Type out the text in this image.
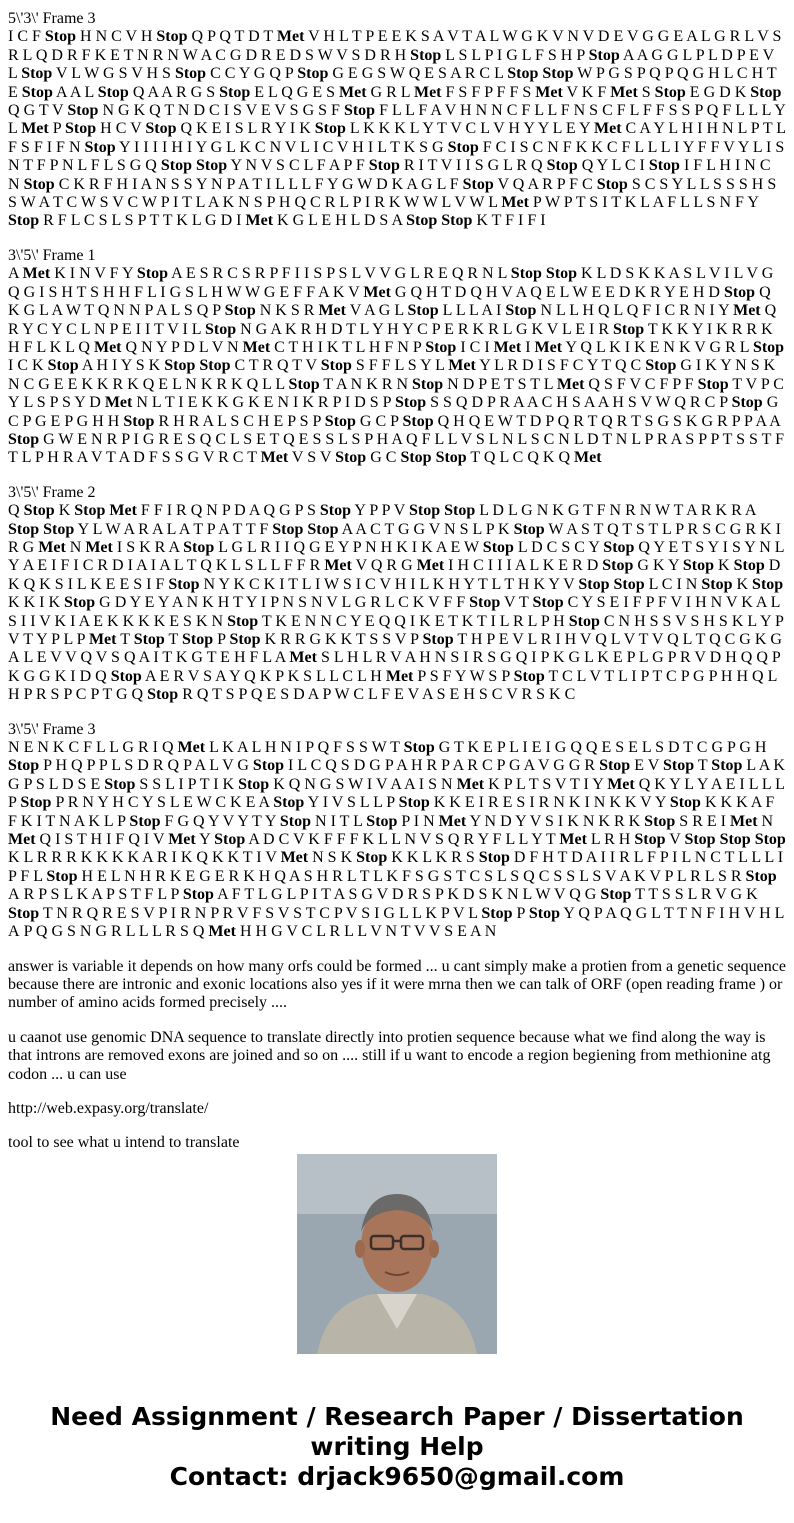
5\'3\' Frame 3
I C F Stop H N C V H Stop Q P Q T D T Met V H L T P E E K S A V T A L W G K V N V D E V G G E A L G R L V S R L Q D R F K E T N R N W A C G D R E D S W V S D R H Stop L S L P I G L F S H P Stop A A G G L P L D P E V L Stop V L W G S V H S Stop C C Y G Q P Stop G E G S W Q E S A R C L Stop Stop W P G S P Q P Q G H L C H T E Stop A A L Stop Q A A R G S Stop E L Q G E S Met G R L Met F S F P F F S Met V K F Met S Stop E G D K Stop Q G T V Stop N G K Q T N D C I S V E V S G S F Stop F L L F A V H N N C F L L F N S C F L F F S S P Q F L L L Y L Met P Stop H C V Stop Q K E I S L R Y I K Stop L K K K L Y T V C L V H Y Y L E Y Met C A Y L H I H N L P T L F S F I F N Stop Y I I I I H I Y G L K C N V L I C V H I L T K S G Stop F C I S C N F K K C F L L L I Y F F V Y L I S N T F P N L F L S G Q Stop Stop Y N V S C L F A P F Stop R I T V I I S G L R Q Stop Q Y L C I Stop I F L H I N C N Stop C K R F H I A N S S Y N P A T I L L L F Y G W D K A G L F Stop V Q A R P F C Stop S C S Y L L S S S H S S W A T C W S V C W P I T L A K N S P H Q C R L P I R K W W L V W L Met P W P T S I T K L A F L L S N F Y Stop R F L C S L S P T T K L G D I Met K G L E H L D S A Stop Stop K T F I F I

3\'5\' Frame 1
A Met K I N V F Y Stop A E S R C S R P F I I S P S L V V G L R E Q R N L Stop Stop K L D S K K A S L V I L V G Q G I S H T S H H F L I G S L H W W G E F F A K V Met G Q H T D Q H V A Q E L W E E D K R Y E H D Stop Q K G L A W T Q N N P A L S Q P Stop N K S R Met V A G L Stop L L L A I Stop N L L H Q L Q F I C R N I Y Met Q R Y C Y C L N P E I I T V I L Stop N G A K R H D T L Y H Y C P E R K R L G K V L E I R Stop T K K Y I K R R K H F L K L Q Met Q N Y P D L V N Met C T H I K T L H F N P Stop I C I Met I Met Y Q L K I K E N K V G R L Stop I C K Stop A H I Y S K Stop Stop C T R Q T V Stop S F F L S Y L Met Y L R D I S F C Y T Q C Stop G I K Y N S K N C G E E K K R K Q E L N K R K Q L L Stop T A N K R N Stop N D P E T S T L Met Q S F V C F P F Stop T V P C Y L S P S Y D Met N L T I E K K G K E N I K R P I D S P Stop S S Q D P R A A C H S A A H S V W Q R C P Stop G C P G E P G H H Stop R H R A L S C H E P S P Stop G C P Stop Q H Q E W T D P Q R T Q R T S G S K G R P P A A Stop G W E N R P I G R E S Q C L S E T Q E S S L S P H A Q F L L V S L N L S C N L D T N L P R A S P P T S S T F T L P H R A V T A D F S S G V R C T Met V S V Stop G C Stop Stop T Q L C Q K Q Met

3\'5\' Frame 2
Q Stop K Stop Met F F I R Q N P D A Q G P S Stop Y P P V Stop Stop L D L G N K G T F N R N W T A R K R A Stop Stop Y L W A R A L A T P A T T F Stop Stop A A C T G G V N S L P K Stop W A S T Q T S T L P R S C G R K I R G Met N Met I S K R A Stop L G L R I I Q G E Y P N H K I K A E W Stop L D C S C Y Stop Q Y E T S Y I S Y N L Y A E I F I C R D I A I A L T Q K L S L L F F R Met V Q R G Met I H C I I I A L K E R D Stop G K Y Stop K Stop D K Q K S I L K E E S I F Stop N Y K C K I T L I W S I C V H I L K H Y T L T H K Y V Stop Stop L C I N Stop K Stop K K I K Stop G D Y E Y A N K H T Y I P N S N V L G R L C K V F F Stop V T Stop C Y S E I F P F V I H N V K A L S I I V K I A E K K K K E S K N Stop T K E N N C Y E Q Q I K E T K T I L R L P H Stop C N H S S V S H S K L Y P V T Y P L P Met T Stop T Stop P Stop K R R G K K T S S V P Stop T H P E V L R I H V Q L V T V Q L T Q C G K G A L E V V Q V S Q A I T K G T E H F L A Met S L H L R V A H N S I R S G Q I P K G L K E P L G P R V D H Q Q P K G G K I D Q Stop A E R V S A Y Q K P K S L L C L H Met P S F Y W S P Stop T C L V T L I P T C P G P H H Q L H P R S P C P T G Q Stop R Q T S P Q E S D A P W C L F E V A S E H S C V R S K C

3\'5\' Frame 3
N E N K C F L L G R I Q Met L K A L H N I P Q F S S W T Stop G T K E P L I E I G Q Q E S E L S D T C G P G H Stop P H Q P P L S D R Q P A L V G Stop I L C Q S D G P A H R P A R C P G A V G G R Stop E V Stop T Stop L A K G P S L D S E Stop S S L I P T I K Stop K Q N G S W I V A A I S N Met K P L T S V T I Y Met Q K Y L Y A E I L L L P Stop P R N Y H C Y S L E W C K E A Stop Y I V S L L P Stop K K E I R E S I R N K I N K K V Y Stop K K K A F F K I T N A K L P Stop F G Q Y V Y T Y Stop N I T L Stop P I N Met Y N D Y V S I K N K R K Stop S R E I Met N Met Q I S T H I F Q I V Met Y Stop A D C V K F F F K L L N V S Q R Y F L L Y T Met L R H Stop V Stop Stop Stop K L R R R K K K K A R I K Q K K T I V Met N S K Stop K K L K R S Stop D F H T D A I I R L F P I L N C T L L L I P F L Stop H E L N H R K E G E R K H Q A S H R L T L K F S G S T C S L S Q C S S L S V A K V P L R L S R Stop A R P S L K A P S T F L P Stop A F T L G L P I T A S G V D R S P K D S K N L W V Q G Stop T T S S L R V G K Stop T N R Q R E S V P I R N P R V F S V S T C P V S I G L L K P V L Stop P Stop Y Q P A Q G L T T N F I H V H L A P Q G S N G R L L L R S Q Met H H G V C L R L L V N T V V S E A N

answer is variable it depends on how many orfs could be formed ... u cant simply make a protien from a genetic sequence because there are intronic and exonic locations also yes if it were mrna then we can talk of ORF (open reading frame ) or number of amino acids formed precisely ....

u caanot use genomic DNA sequence to translate directly into protien sequence because what we find along the way is that introns are removed exons are joined and so on .... still if u want to encode a region begiening from methionine atg codon ... u can use

http://web.expasy.org/translate/

tool to see what u intend to translate

Need Assignment / Research Paper / Dissertation
writing Help
Contact: drjack9650@gmail.com
